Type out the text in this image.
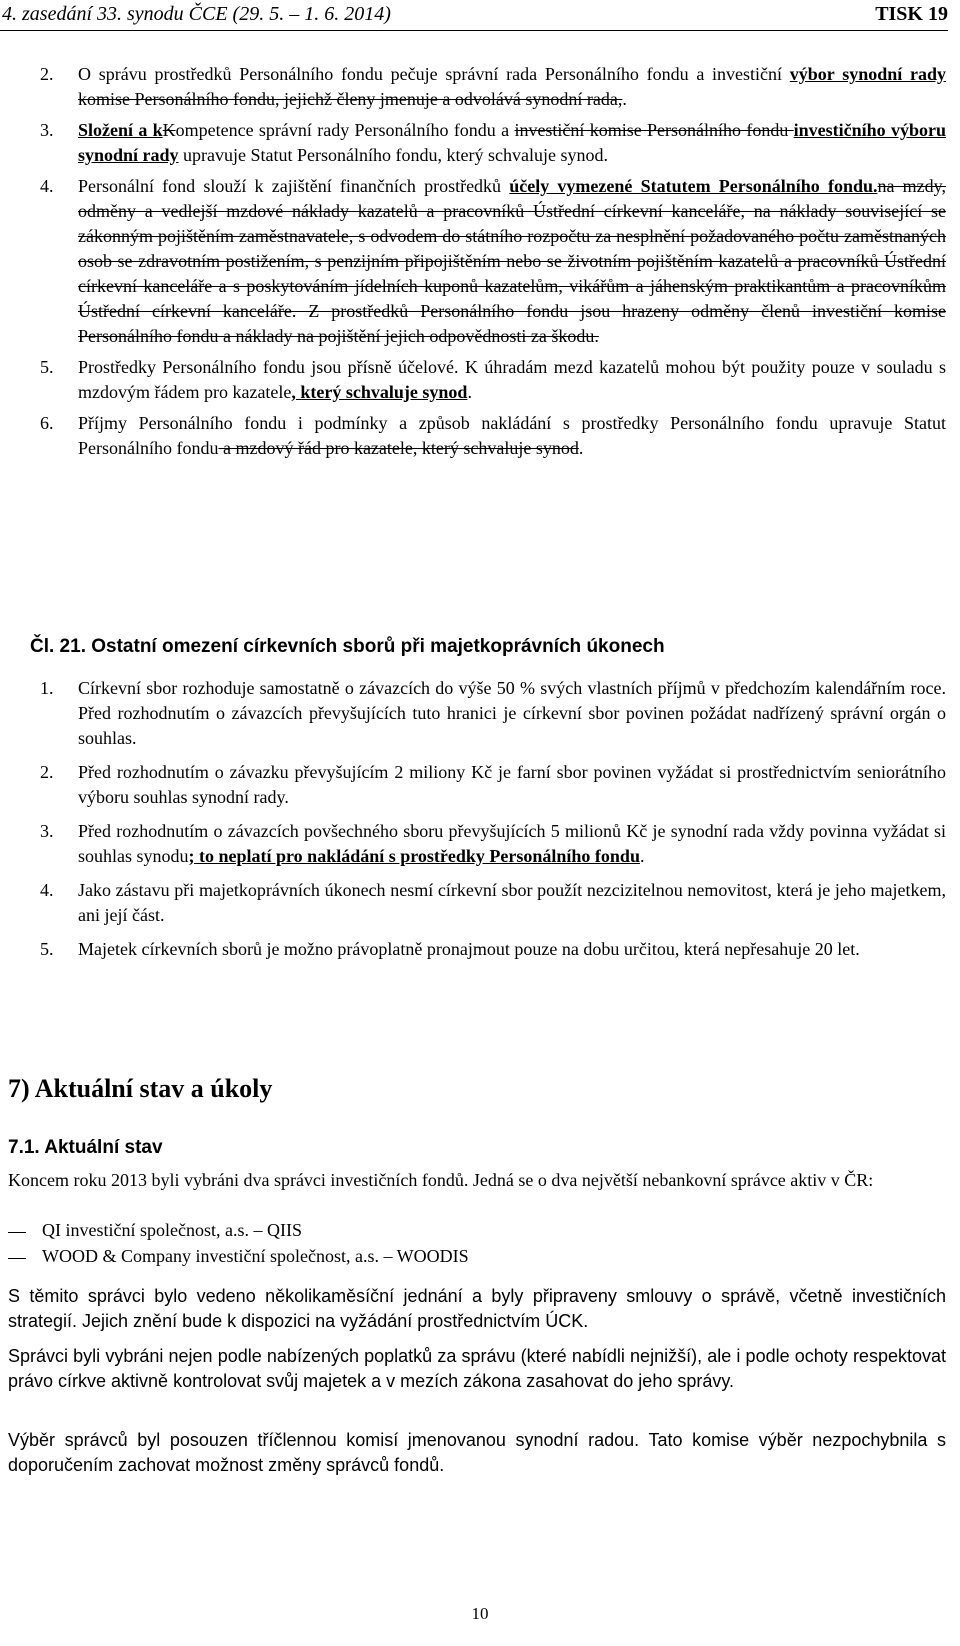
4. zasedání 33. synodu ČCE (29. 5. – 1. 6. 2014)	TISK 19
2. O správu prostředků Personálního fondu pečuje správní rada Personálního fondu a investiční výbor synodní rady komise Personálního fondu, jejichž členy jmenuje a odvolává synodní rada,.
3. Složení a kKompetence správní rady Personálního fondu a investiční komise Personálního fondu investičního výboru synodní rady upravuje Statut Personálního fondu, který schvaluje synod.
4. Personální fond slouží k zajištění finančních prostředků účely vymezené Statutem Personálního fondu.na mzdy, odměny a vedlejší mzdové náklady kazatelů a pracovníků Ústřední církevní kanceláře, na náklady související se zákonným pojištěním zaměstnavatele, s odvodem do státního rozpočtu za nesplnění požadovaného počtu zaměstnaných osob se zdravotním postižením, s penzijním připojištěním nebo se životním pojištěním kazatelů a pracovníků Ústřední církevní kanceláře a s poskytováním jídelních kuponů kazatelům, vikářům a jáhenským praktikantům a pracovníkům Ústřední církevní kanceláře. Z prostředků Personálního fondu jsou hrazeny odměny členů investiční komise Personálního fondu a náklady na pojištění jejich odpovědnosti za škodu.
5. Prostředky Personálního fondu jsou přísně účelové. K úhradám mezd kazatelů mohou být použity pouze v souladu s mzdovým řádem pro kazatele, který schvaluje synod.
6. Příjmy Personálního fondu i podmínky a způsob nakládání s prostředky Personálního fondu upravuje Statut Personálního fondu a mzdový řád pro kazatele, který schvaluje synod.
Čl. 21. Ostatní omezení církevních sborů při majetkoprávních úkonech
1. Církevní sbor rozhoduje samostatně o závazcích do výše 50 % svých vlastních příjmů v předchozím kalendářním roce. Před rozhodnutím o závazcích převyšujících tuto hranici je církevní sbor povinen požádat nadřízený správní orgán o souhlas.
2. Před rozhodnutím o závazku převyšujícím 2 miliony Kč je farní sbor povinen vyžádat si prostřednictvím seniorátního výboru souhlas synodní rady.
3. Před rozhodnutím o závazcích povšechného sboru převyšujících 5 milionů Kč je synodní rada vždy povinna vyžádat si souhlas synodu; to neplatí pro nakládání s prostředky Personálního fondu.
4. Jako zástavu při majetkoprávních úkonech nesmí církevní sbor použít nezcizitelnou nemovitost, která je jeho majetkem, ani její část.
5. Majetek církevních sborů je možno právoplatně pronajmout pouze na dobu určitou, která nepřesahuje 20 let.
7) Aktuální stav a úkoly
7.1. Aktuální stav
Koncem roku 2013 byli vybráni dva správci investičních fondů. Jedná se o dva největší nebankovní správce aktiv v ČR:
QI investiční společnost, a.s. – QIIS
WOOD & Company investiční společnost, a.s. – WOODIS
S těmito správci bylo vedeno několikaměsíční jednání a byly připraveny smlouvy o správě, včetně investičních strategií. Jejich znění bude k dispozici na vyžádání prostřednictvím ÚCK.
Správci byli vybráni nejen podle nabízených poplatků za správu (které nabídli nejnižší), ale i podle ochoty respektovat právo církve aktivně kontrolovat svůj majetek a v mezích zákona zasahovat do jeho správy.
Výběr správců byl posouzen tříčlennou komisí jmenovanou synodní radou. Tato komise výběr nezpochybnila s doporučením zachovat možnost změny správců fondů.
10
